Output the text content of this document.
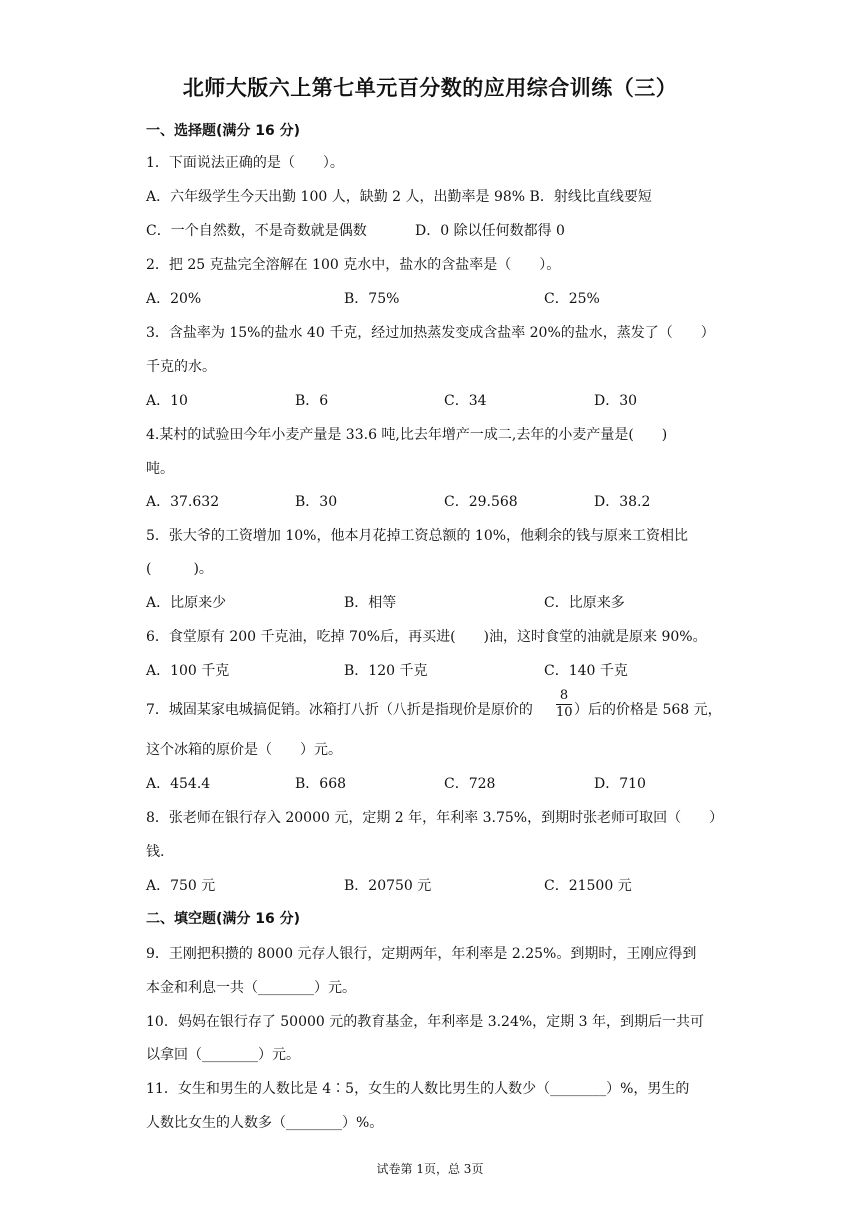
北师大版六上第七单元百分数的应用综合训练（三）
一、选择题(满分 16 分)
1．下面说法正确的是（　　）。
A．六年级学生今天出勤 100 人，缺勤 2 人，出勤率是 98% B．射线比直线要短
C．一个自然数，不是奇数就是偶数	D．0 除以任何数都得 0
2．把 25 克盐完全溶解在 100 克水中，盐水的含盐率是（　　）。
A．20%	B．75%	C．25%
3．含盐率为 15%的盐水 40 千克，经过加热蒸发变成含盐率 20%的盐水，蒸发了（　　）
千克的水。
A．10	B．6	C．34	D．30
4.某村的试验田今年小麦产量是 33.6 吨,比去年增产一成二,去年的小麦产量是(　　)
吨。
A．37.632	B．30	C．29.568	D．38.2
5．张大爷的工资增加 10%，他本月花掉工资总额的 10%，他剩余的钱与原来工资相比
(　　　)。
A．比原来少	B．相等	C．比原来多
6．食堂原有 200 千克油，吃掉 70%后，再买进(　　)油，这时食堂的油就是原来 90%。
A．100 千克	B．120 千克	C．140 千克
7．城固某家电城搞促销。冰箱打八折（八折是指现价是原价的 $\frac{8}{10}$ ）后的价格是 568 元，
这个冰箱的原价是（　　）元。
A．454.4	B．668	C．728	D．710
8．张老师在银行存入 20000 元，定期 2 年，年利率 3.75%，到期时张老师可取回（　　）
钱.
A．750 元	B．20750 元	C．21500 元
二、填空题(满分 16 分)
9．王刚把积攒的 8000 元存人银行，定期两年，年利率是 2.25%。到期时，王刚应得到
本金和利息一共（________）元。
10．妈妈在银行存了 50000 元的教育基金，年利率是 3.24%，定期 3 年，到期后一共可
以拿回（________）元。
11．女生和男生的人数比是 4∶5，女生的人数比男生的人数少（________）%，男生的
人数比女生的人数多（________）%。
试卷第 1页，总 3页
